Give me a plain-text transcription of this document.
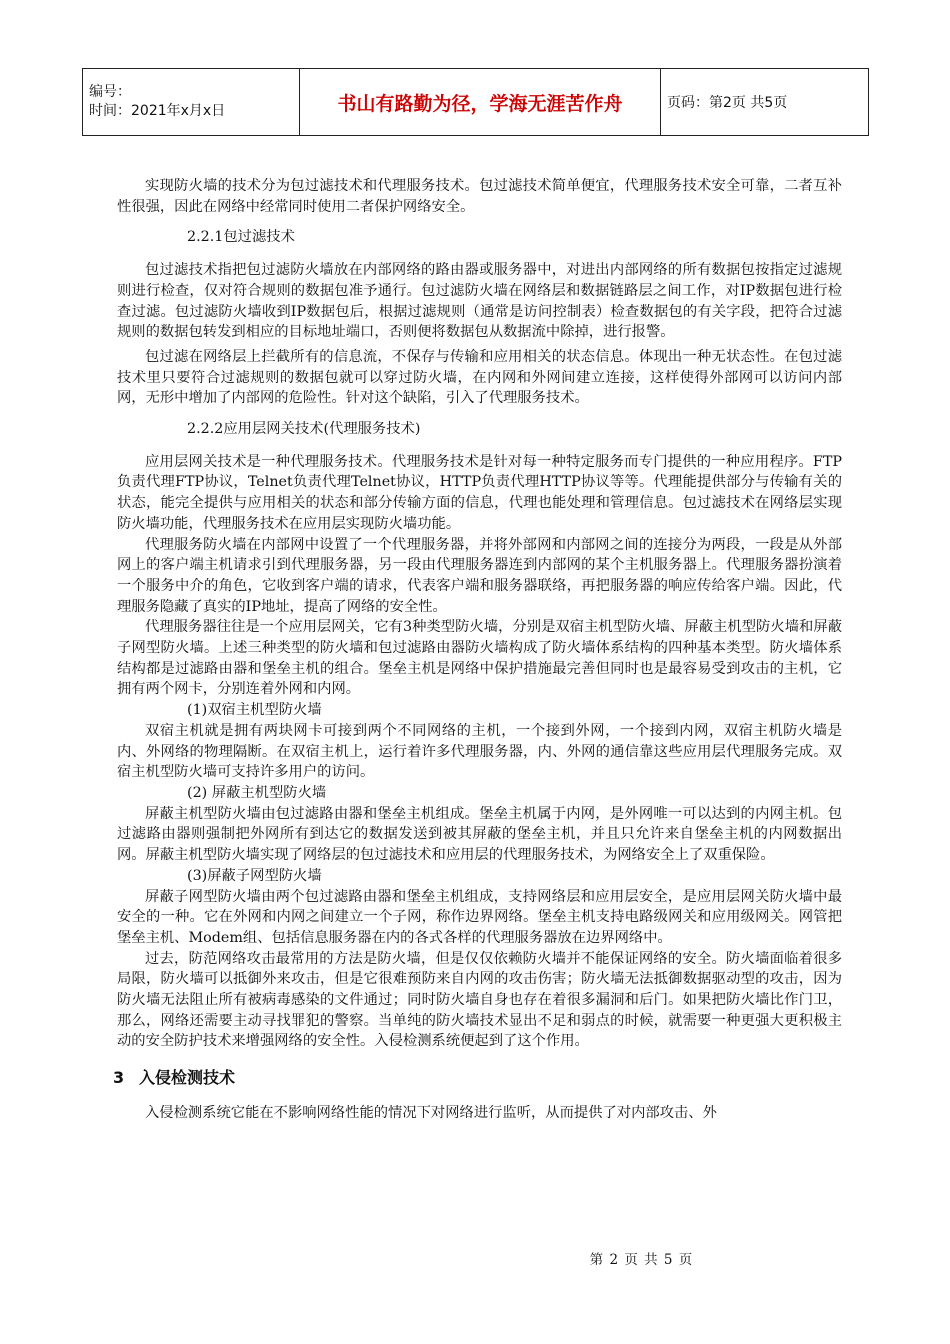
编号：
时间：2021年x月x日	书山有路勤为径，学海无涯苦作舟	页码：第2页 共5页

实现防火墙的技术分为包过滤技术和代理服务技术。包过滤技术简单便宜，代理服务技术安全可靠，二者互补性很强，因此在网络中经常同时使用二者保护网络安全。

2.2.1包过滤技术

包过滤技术指把包过滤防火墙放在内部网络的路由器或服务器中，对进出内部网络的所有数据包按指定过滤规则进行检查，仅对符合规则的数据包准予通行。包过滤防火墙在网络层和数据链路层之间工作，对IP数据包进行检查过滤。包过滤防火墙收到IP数据包后，根据过滤规则（通常是访问控制表）检查数据包的有关字段，把符合过滤规则的数据包转发到相应的目标地址端口，否则便将数据包从数据流中除掉，进行报警。

包过滤在网络层上拦截所有的信息流，不保存与传输和应用相关的状态信息。体现出一种无状态性。在包过滤技术里只要符合过滤规则的数据包就可以穿过防火墙，在内网和外网间建立连接，这样使得外部网可以访问内部网，无形中增加了内部网的危险性。针对这个缺陷，引入了代理服务技术。

2.2.2应用层网关技术(代理服务技术)

应用层网关技术是一种代理服务技术。代理服务技术是针对每一种特定服务而专门提供的一种应用程序。FTP负责代理FTP协议，Telnet负责代理Telnet协议，HTTP负责代理HTTP协议等等。代理能提供部分与传输有关的状态，能完全提供与应用相关的状态和部分传输方面的信息，代理也能处理和管理信息。包过滤技术在网络层实现防火墙功能，代理服务技术在应用层实现防火墙功能。

代理服务防火墙在内部网中设置了一个代理服务器，并将外部网和内部网之间的连接分为两段，一段是从外部网上的客户端主机请求引到代理服务器，另一段由代理服务器连到内部网的某个主机服务器上。代理服务器扮演着一个服务中介的角色，它收到客户端的请求，代表客户端和服务器联络，再把服务器的响应传给客户端。因此，代理服务隐藏了真实的IP地址，提高了网络的安全性。

代理服务器往往是一个应用层网关，它有3种类型防火墙，分别是双宿主机型防火墙、屏蔽主机型防火墙和屏蔽子网型防火墙。上述三种类型的防火墙和包过滤路由器防火墙构成了防火墙体系结构的四种基本类型。防火墙体系结构都是过滤路由器和堡垒主机的组合。堡垒主机是网络中保护措施最完善但同时也是最容易受到攻击的主机，它拥有两个网卡，分别连着外网和内网。

(1)双宿主机型防火墙

双宿主机就是拥有两块网卡可接到两个不同网络的主机，一个接到外网，一个接到内网，双宿主机防火墙是内、外网络的物理隔断。在双宿主机上，运行着许多代理服务器，内、外网的通信靠这些应用层代理服务完成。双宿主机型防火墙可支持许多用户的访问。

(2) 屏蔽主机型防火墙

屏蔽主机型防火墙由包过滤路由器和堡垒主机组成。堡垒主机属于内网，是外网唯一可以达到的内网主机。包过滤路由器则强制把外网所有到达它的数据发送到被其屏蔽的堡垒主机，并且只允许来自堡垒主机的内网数据出网。屏蔽主机型防火墙实现了网络层的包过滤技术和应用层的代理服务技术，为网络安全上了双重保险。

(3)屏蔽子网型防火墙

屏蔽子网型防火墙由两个包过滤路由器和堡垒主机组成，支持网络层和应用层安全，是应用层网关防火墙中最安全的一种。它在外网和内网之间建立一个子网，称作边界网络。堡垒主机支持电路级网关和应用级网关。网管把堡垒主机、Modem组、包括信息服务器在内的各式各样的代理服务器放在边界网络中。

过去，防范网络攻击最常用的方法是防火墙，但是仅仅依赖防火墙并不能保证网络的安全。防火墙面临着很多局限，防火墙可以抵御外来攻击，但是它很难预防来自内网的攻击伤害；防火墙无法抵御数据驱动型的攻击，因为防火墙无法阻止所有被病毒感染的文件通过；同时防火墙自身也存在着很多漏洞和后门。如果把防火墙比作门卫，那么，网络还需要主动寻找罪犯的警察。当单纯的防火墙技术显出不足和弱点的时候，就需要一种更强大更积极主动的安全防护技术来增强网络的安全性。入侵检测系统便起到了这个作用。

3 入侵检测技术

入侵检测系统它能在不影响网络性能的情况下对网络进行监听，从而提供了对内部攻击、外

第 2 页 共 5 页
